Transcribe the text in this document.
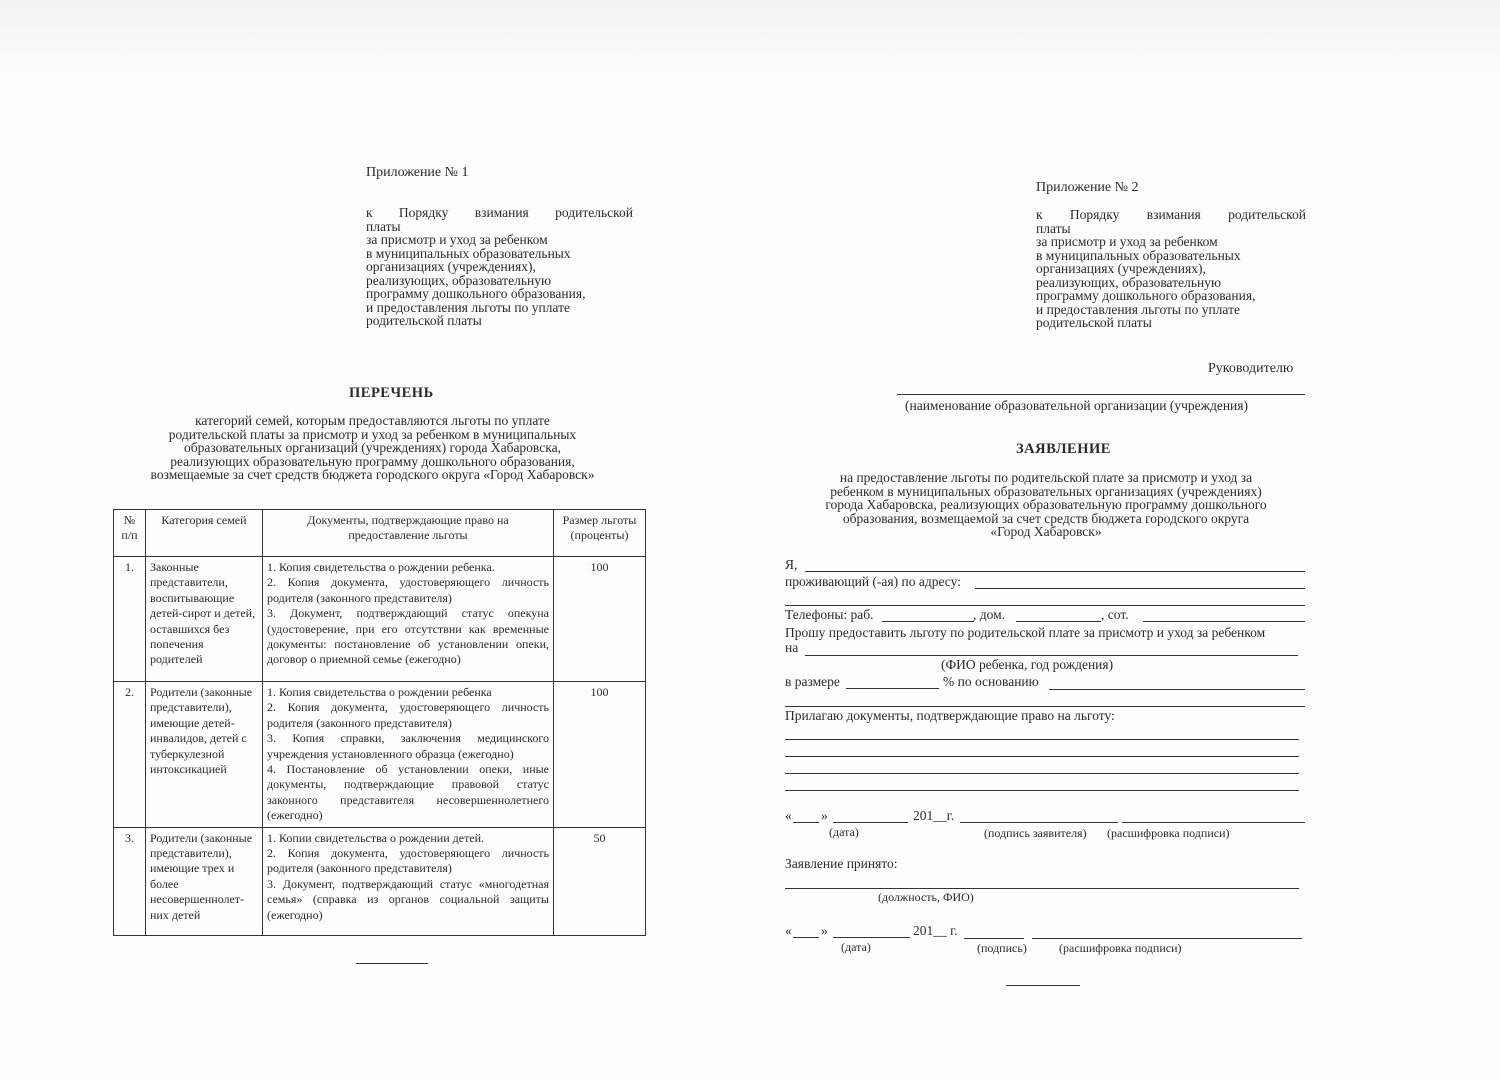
Приложение № 1
к Порядку взимания родительской
платы
за присмотр и уход за ребенком
в муниципальных образовательных
организациях (учреждениях),
реализующих, образовательную
программу дошкольного образования,
и предоставления льготы по уплате
родительской платы
ПЕРЕЧЕНЬ
категорий семей, которым предоставляются льготы по уплате
родительской платы за присмотр и уход за ребенком в муниципальных
образовательных организаций (учреждениях) города Хабаровска,
реализующих образовательную программу дошкольного образования,
возмещаемые за счет средств бюджета городского округа «Город Хабаровск»
№ п/п	Категория семей	Документы, подтверждающие право на предоставление льготы	Размер льготы (проценты)
1.	Законные представители, воспитывающие детей-сирот и детей, оставшихся без попечения родителей	1. Копия свидетельства о рождении ребенка.
2. Копия документа, удостоверяющего личность родителя (законного представителя)
3. Документ, подтверждающий статус опекуна (удостоверение, при его отсутствии как временные документы: постановление об установлении опеки, договор о приемной семье (ежегодно)	100
2.	Родители (законные представители), имеющие детей-инвалидов, детей с туберкулезной интоксикацией	1. Копия свидетельства о рождении ребенка
2. Копия документа, удостоверяющего личность родителя (законного представителя)
3. Копия справки, заключения медицинского учреждения установленного образца (ежегодно)
4. Постановление об установлении опеки, иные документы, подтверждающие правовой статус законного представителя несовершеннолетнего (ежегодно)	100
3.	Родители (законные представители), имеющие трех и более несовершеннолет-них детей	1. Копии свидетельства о рождении детей.
2. Копия документа, удостоверяющего личность родителя (законного представителя)
3. Документ, подтверждающий статус «многодетная семья» (справка из органов социальной защиты (ежегодно)	50
Приложение № 2
к Порядку взимания родительской
платы
за присмотр и уход за ребенком
в муниципальных образовательных
организациях (учреждениях),
реализующих, образовательную
программу дошкольного образования,
и предоставления льготы по уплате
родительской платы
Руководителю
(наименование образовательной организации (учреждения)
ЗАЯВЛЕНИЕ
на предоставление льготы по родительской плате за присмотр и уход за
ребенком в муниципальных образовательных организациях (учреждениях)
города Хабаровска, реализующих образовательную программу дошкольного
образования, возмещаемой за счет средств бюджета городского округа
«Город Хабаровск»
Я,
проживающий (-ая) по адресу:
Телефоны: раб.	, дом.	, сот.
Прошу предоставить льготу по родительской плате за присмотр и уход за ребенком
на
(ФИО ребенка, год рождения)
в размере	% по основанию
Прилагаю документы, подтверждающие право на льготу:
« »	201__г.
(дата)	(подпись заявителя) (расшифровка подписи)
Заявление принято:
(должность, ФИО)
« »	201__ г.
(дата)	(подпись)	(расшифровка подписи)
